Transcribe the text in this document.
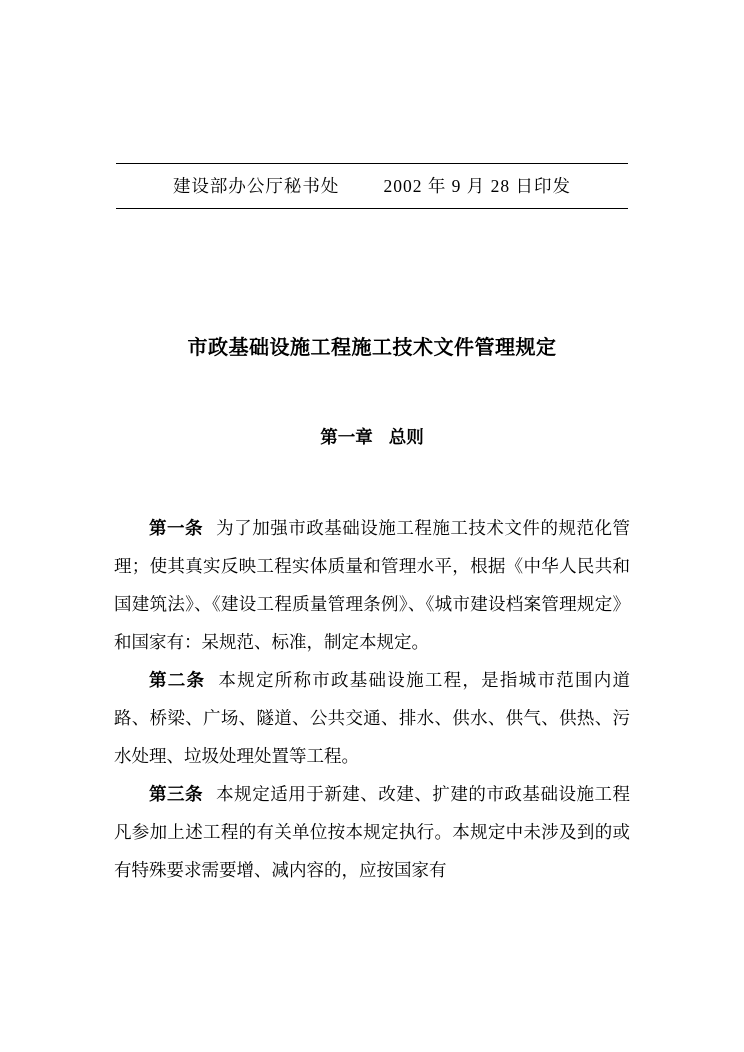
建设部办公厅秘书处	2002 年 9 月 28 日印发
市政基础设施工程施工技术文件管理规定
第一章 总则

第一条 为了加强市政基础设施工程施工技术文件的规范化管理；使其真实反映工程实体质量和管理水平，根据《中华人民共和国建筑法》、《建设工程质量管理条例》、《城市建设档案管理规定》和国家有：呆规范、标准，制定本规定。

第二条 本规定所称市政基础设施工程，是指城市范围内道路、桥梁、广场、隧道、公共交通、排水、供水、供气、供热、污水处理、垃圾处理处置等工程。

第三条 本规定适用于新建、改建、扩建的市政基础设施工程凡参加上述工程的有关单位按本规定执行。本规定中未涉及到的或有特殊要求需要增、减内容的，应按国家有
